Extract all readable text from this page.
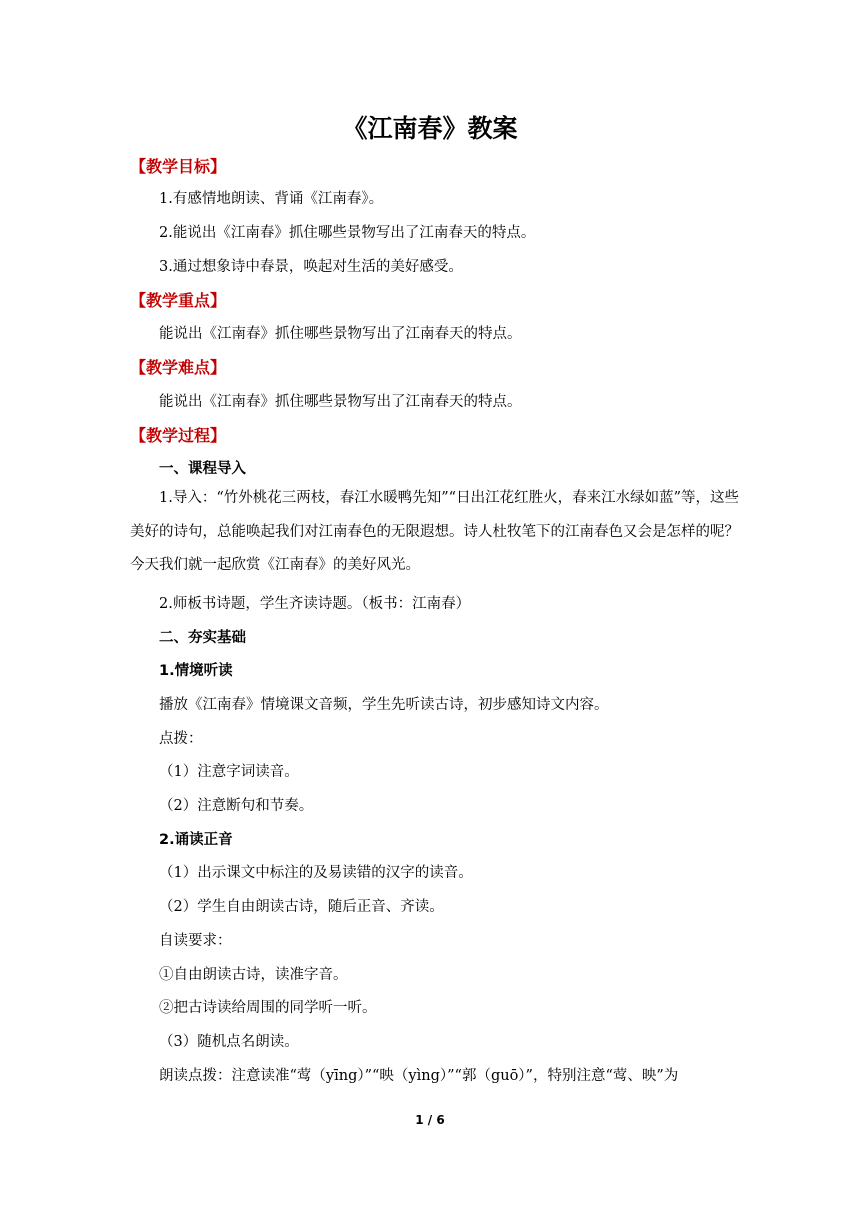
《江南春》教案
【教学目标】
1.有感情地朗读、背诵《江南春》。
2.能说出《江南春》抓住哪些景物写出了江南春天的特点。
3.通过想象诗中春景，唤起对生活的美好感受。
【教学重点】
能说出《江南春》抓住哪些景物写出了江南春天的特点。
【教学难点】
能说出《江南春》抓住哪些景物写出了江南春天的特点。
【教学过程】
一、课程导入

1.导入：“竹外桃花三两枝，春江水暖鸭先知”“日出江花红胜火，春来江水绿如蓝”等，这些美好的诗句，总能唤起我们对江南春色的无限遐想。诗人杜牧笔下的江南春色又会是怎样的呢？今天我们就一起欣赏《江南春》的美好风光。

2.师板书诗题，学生齐读诗题。（板书：江南春）
二、夯实基础
1.情境听读
播放《江南春》情境课文音频，学生先听读古诗，初步感知诗文内容。
点拨：
（1）注意字词读音。
（2）注意断句和节奏。
2.诵读正音
（1）出示课文中标注的及易读错的汉字的读音。
（2）学生自由朗读古诗，随后正音、齐读。
自读要求：
①自由朗读古诗，读准字音。
②把古诗读给周围的同学听一听。
（3）随机点名朗读。
朗读点拨：注意读准“莺（yīng）”“映（yìng）”“郭（guō）”，特别注意“莺、映”为
1 / 6
